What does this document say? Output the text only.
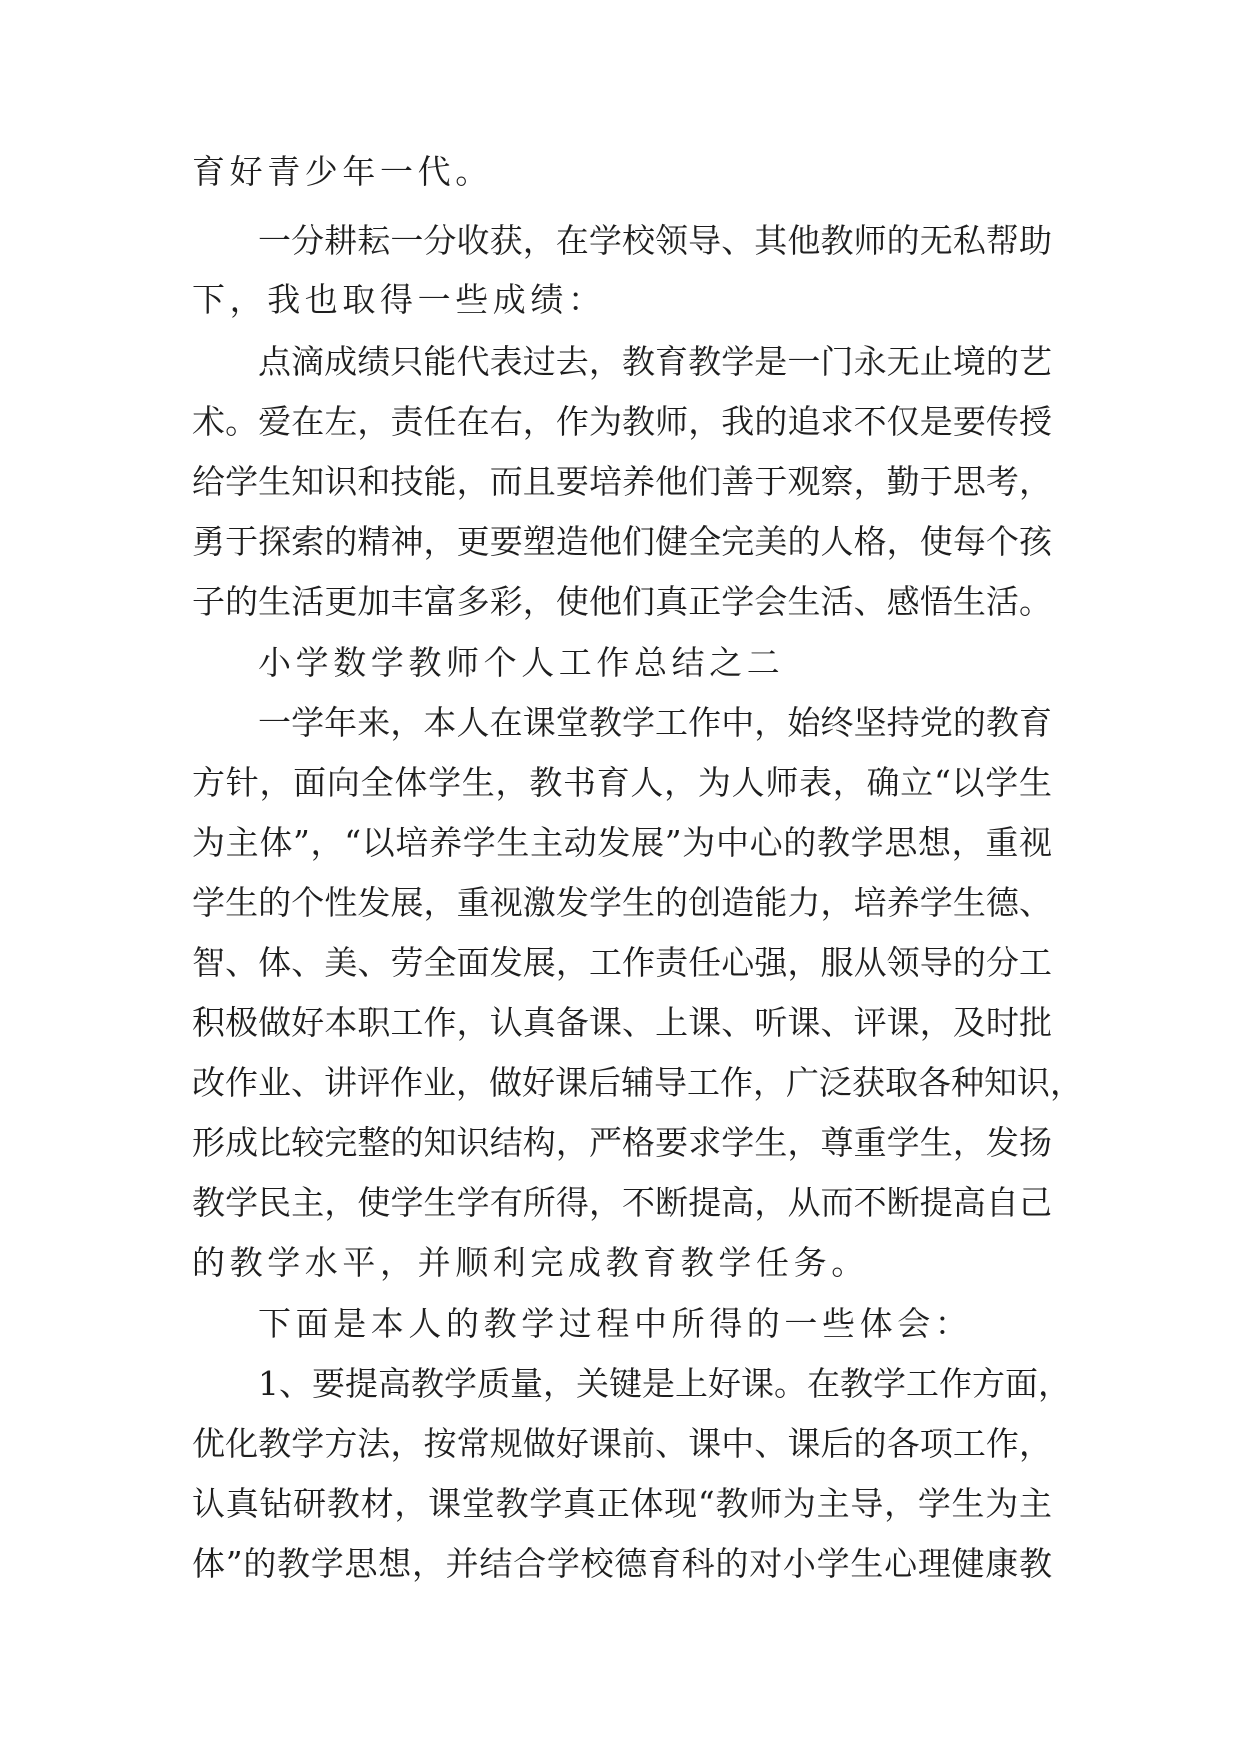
育好青少年一代。
一分耕耘一分收获，在学校领导、其他教师的无私帮助
下，我也取得一些成绩：
点滴成绩只能代表过去，教育教学是一门永无止境的艺
术。爱在左，责任在右，作为教师，我的追求不仅是要传授
给学生知识和技能，而且要培养他们善于观察，勤于思考，
勇于探索的精神，更要塑造他们健全完美的人格，使每个孩
子的生活更加丰富多彩，使他们真正学会生活、感悟生活。
小学数学教师个人工作总结之二
一学年来，本人在课堂教学工作中，始终坚持党的教育
方针，面向全体学生，教书育人，为人师表，确立“以学生
为主体”，“以培养学生主动发展”为中心的教学思想，重视
学生的个性发展，重视激发学生的创造能力，培养学生德、
智、体、美、劳全面发展，工作责任心强，服从领导的分工
积极做好本职工作，认真备课、上课、听课、评课，及时批
改作业、讲评作业，做好课后辅导工作，广泛获取各种知识，
形成比较完整的知识结构，严格要求学生，尊重学生，发扬
教学民主，使学生学有所得，不断提高，从而不断提高自己
的教学水平，并顺利完成教育教学任务。
下面是本人的教学过程中所得的一些体会：
1、要提高教学质量，关键是上好课。在教学工作方面，
优化教学方法，按常规做好课前、课中、课后的各项工作，
认真钻研教材，课堂教学真正体现“教师为主导，学生为主
体”的教学思想，并结合学校德育科的对小学生心理健康教
